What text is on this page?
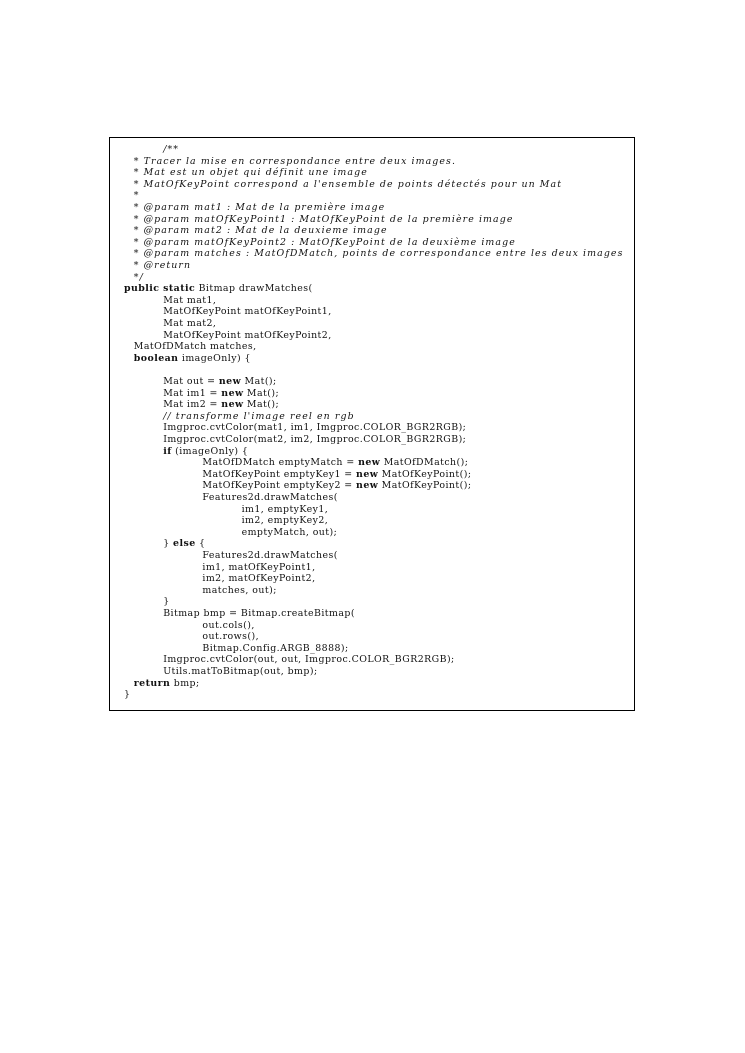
/**
* Tracer la mise en correspondance entre deux images.
* Mat est un objet qui définit une image
* MatOfKeyPoint correspond a l'ensemble de points détectés pour un Mat
*
* @param mat1 : Mat de la première image
* @param matOfKeyPoint1 : MatOfKeyPoint de la première image
* @param mat2 : Mat de la deuxieme image
* @param matOfKeyPoint2 : MatOfKeyPoint de la deuxième image
* @param matches : MatOfDMatch, points de correspondance entre les deux images
* @return
*/
public static Bitmap drawMatches(
Mat mat1,
MatOfKeyPoint matOfKeyPoint1,
Mat mat2,
MatOfKeyPoint matOfKeyPoint2,
MatOfDMatch matches,
boolean imageOnly) {
Mat out = new Mat();
Mat im1 = new Mat();
Mat im2 = new Mat();
// transforme l'image reel en rgb
Imgproc.cvtColor(mat1, im1, Imgproc.COLOR_BGR2RGB);
Imgproc.cvtColor(mat2, im2, Imgproc.COLOR_BGR2RGB);
if (imageOnly) {
MatOfDMatch emptyMatch = new MatOfDMatch();
MatOfKeyPoint emptyKey1 = new MatOfKeyPoint();
MatOfKeyPoint emptyKey2 = new MatOfKeyPoint();
Features2d.drawMatches(
im1, emptyKey1,
im2, emptyKey2,
emptyMatch, out);
} else {
Features2d.drawMatches(
im1, matOfKeyPoint1,
im2, matOfKeyPoint2,
matches, out);
}
Bitmap bmp = Bitmap.createBitmap(
out.cols(),
out.rows(),
Bitmap.Config.ARGB_8888);
Imgproc.cvtColor(out, out, Imgproc.COLOR_BGR2RGB);
Utils.matToBitmap(out, bmp);
return bmp;
}
